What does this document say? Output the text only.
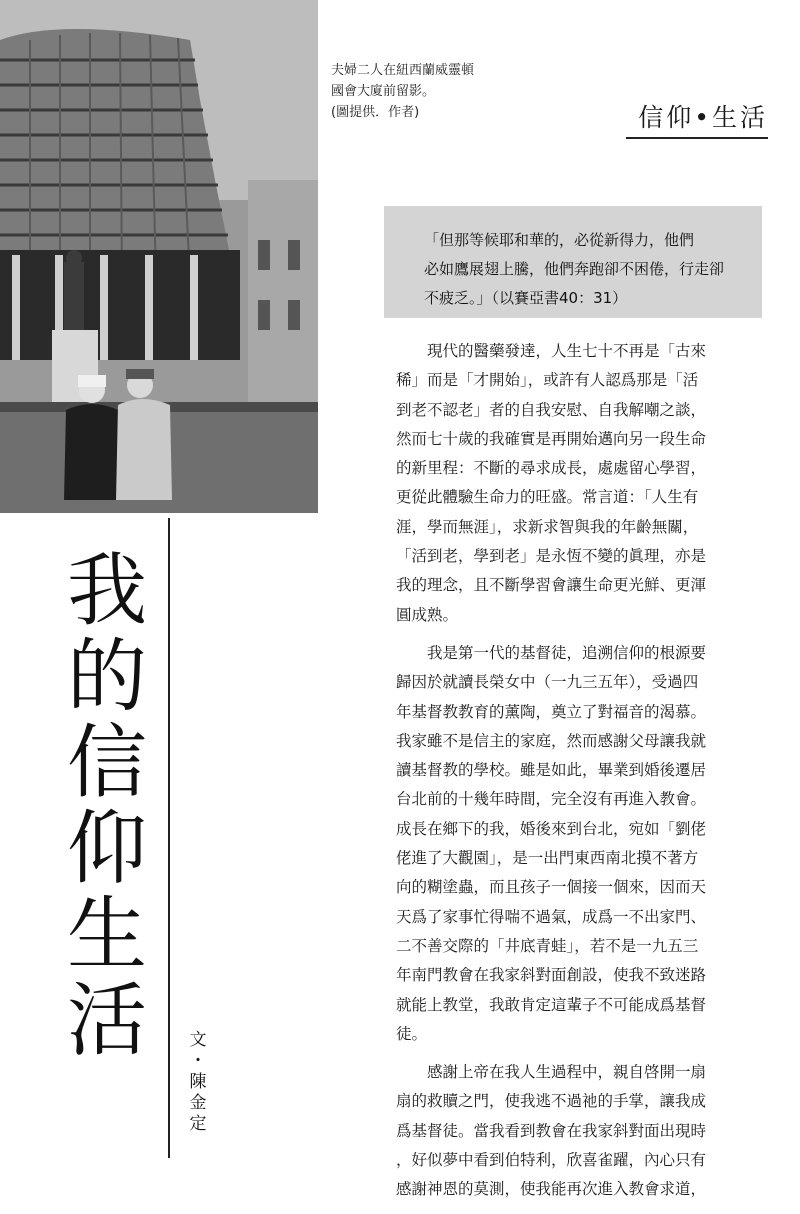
夫婦二人在紐西蘭威靈頓
國會大廈前留影。
(圖提供．作者)	信仰•生活

「但那等候耶和華的，必從新得力，他們

必如鷹展翅上騰，他們奔跑卻不困倦，行走卻

不疲乏。」（以賽亞書40：31）

我
的
信
仰
生
活	文
・
陳
金
定
現代的醫藥發達，人生七十不再是「古來
稀」而是「才開始」，或許有人認爲那是「活
到老不認老」者的自我安慰、自我解嘲之談，
然而七十歲的我確實是再開始邁向另一段生命
的新里程：不斷的尋求成長，處處留心學習，
更從此體驗生命力的旺盛。常言道：「人生有
涯，學而無涯」，求新求智與我的年齡無關，
「活到老，學到老」是永恆不變的眞理，亦是
我的理念，且不斷學習會讓生命更光鮮、更渾
圓成熟。
我是第一代的基督徒，追溯信仰的根源要
歸因於就讀長榮女中（一九三五年），受過四
年基督教教育的薰陶，奠立了對福音的渴慕。
我家雖不是信主的家庭，然而感謝父母讓我就
讀基督教的學校。雖是如此，畢業到婚後遷居
台北前的十幾年時間，完全沒有再進入教會。
成長在鄉下的我，婚後來到台北，宛如「劉佬
佬進了大觀園」，是一出門東西南北摸不著方
向的糊塗蟲，而且孩子一個接一個來，因而天
天爲了家事忙得喘不過氣，成爲一不出家門、
二不善交際的「井底青蛙」，若不是一九五三
年南門教會在我家斜對面創設，使我不致迷路
就能上教堂，我敢肯定這輩子不可能成爲基督
徒。
感謝上帝在我人生過程中，親自啓開一扇
扇的救贖之門，使我逃不過祂的手掌，讓我成
爲基督徒。當我看到教會在我家斜對面出現時
，好似夢中看到伯特利，欣喜雀躍，內心只有
感謝神恩的莫測，使我能再次進入教會求道，
